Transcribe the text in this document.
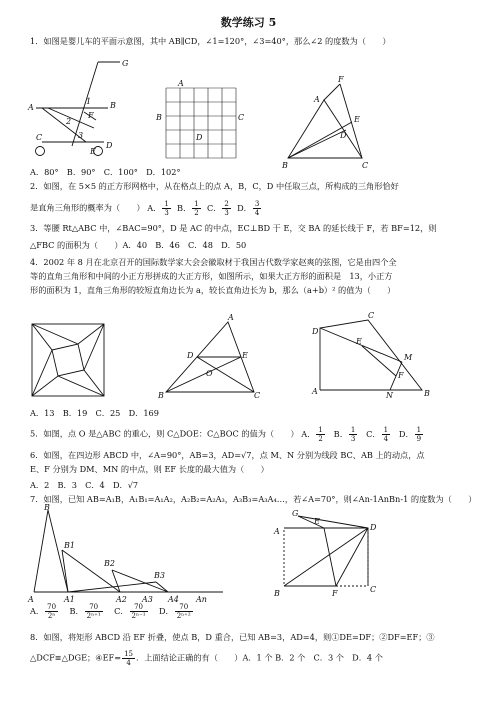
数学练习 5
1．如图是婴儿车的平面示意图，其中 AB∥CD，∠1=120°，∠3=40°，那么∠2 的度数为（　　）
G
A	B
1
2
F
3
C
D
E
A
B	C
D
F
A
E
D
B	C
A．80°　B．90°　C．100°　D．102°
2．如图，在 5×5 的正方形网格中，从在格点上的点 A，B，C，D 中任取三点，所构成的三角形恰好
是直角三角形的概率为（　　） A． $\frac{1}{3}$ B． $\frac{1}{2}$ C． $\frac{2}{3}$ D． $\frac{3}{4}$
3．等腰 Rt△ABC 中，∠BAC=90°，D 是 AC 的中点，EC⊥BD 于 E，交 BA 的延长线于 F，若 BF=12，则
△FBC 的面积为（　　）A．40　B．46　C．48　D．50
4．2002 年 8 月在北京召开的国际数学家大会会徽取材于我国古代数学家赵爽的弦图，它是由四个全
等的直角三角形和中间的小正方形拼成的大正方形，如图所示，如果大正方形的面积是　13，小正方
形的面积为 1，直角三角形的较短直角边长为 a，较长直角边长为 b，那么（a+b）² 的值为（　　）
A
D	E
O
B	C
D
C
E
M
F
A	N	B
A．13　B．19　C．25　D．169
5．如图，点 O 是△ABC 的重心，则 C△DOE：C△BOC 的值为（　　） A． $\frac{1}{2}$ B． $\frac{1}{3}$ C． $\frac{1}{4}$ D． $\frac{1}{9}$
6．如图，在四边形 ABCD 中，∠A=90°，AB=3，AD=√7，点 M、N 分别为线段 BC、AB 上的动点，点
E、F 分别为 DM、MN 的中点，则 EF 长度的最大值为（　　）
A．2　B．3　C．4　D．√7
7．如图，已知 AB=A₁B，A₁B₁=A₁A₂，A₂B₂=A₂A₃，A₃B₃=A₃A₄…，若∠A=70°，则∠An-1AnBn-1 的度数为（　　）
B
B1
B2
B3
A	A1	A2 A3 A4 An
A
G
E
D
B	F	C
A． $\frac{70}{\text{2ⁿ}}$ B． $\frac{70}{\text{2ⁿ⁺¹}}$ C． $\frac{70}{\text{2ⁿ⁻¹}}$ D． $\frac{70}{\text{2ⁿ⁺²}}$
8．如图，将矩形 ABCD 沿 EF 折叠，使点 B，D 重合，已知 AB=3，AD=4，则①DE=DF；②DF=EF；③
△DCF≌△DGE；④EF= $\frac{15}{4}$ ．上面结论正确的有（　　）A．1 个 B．2 个　C．3 个　D．4 个
